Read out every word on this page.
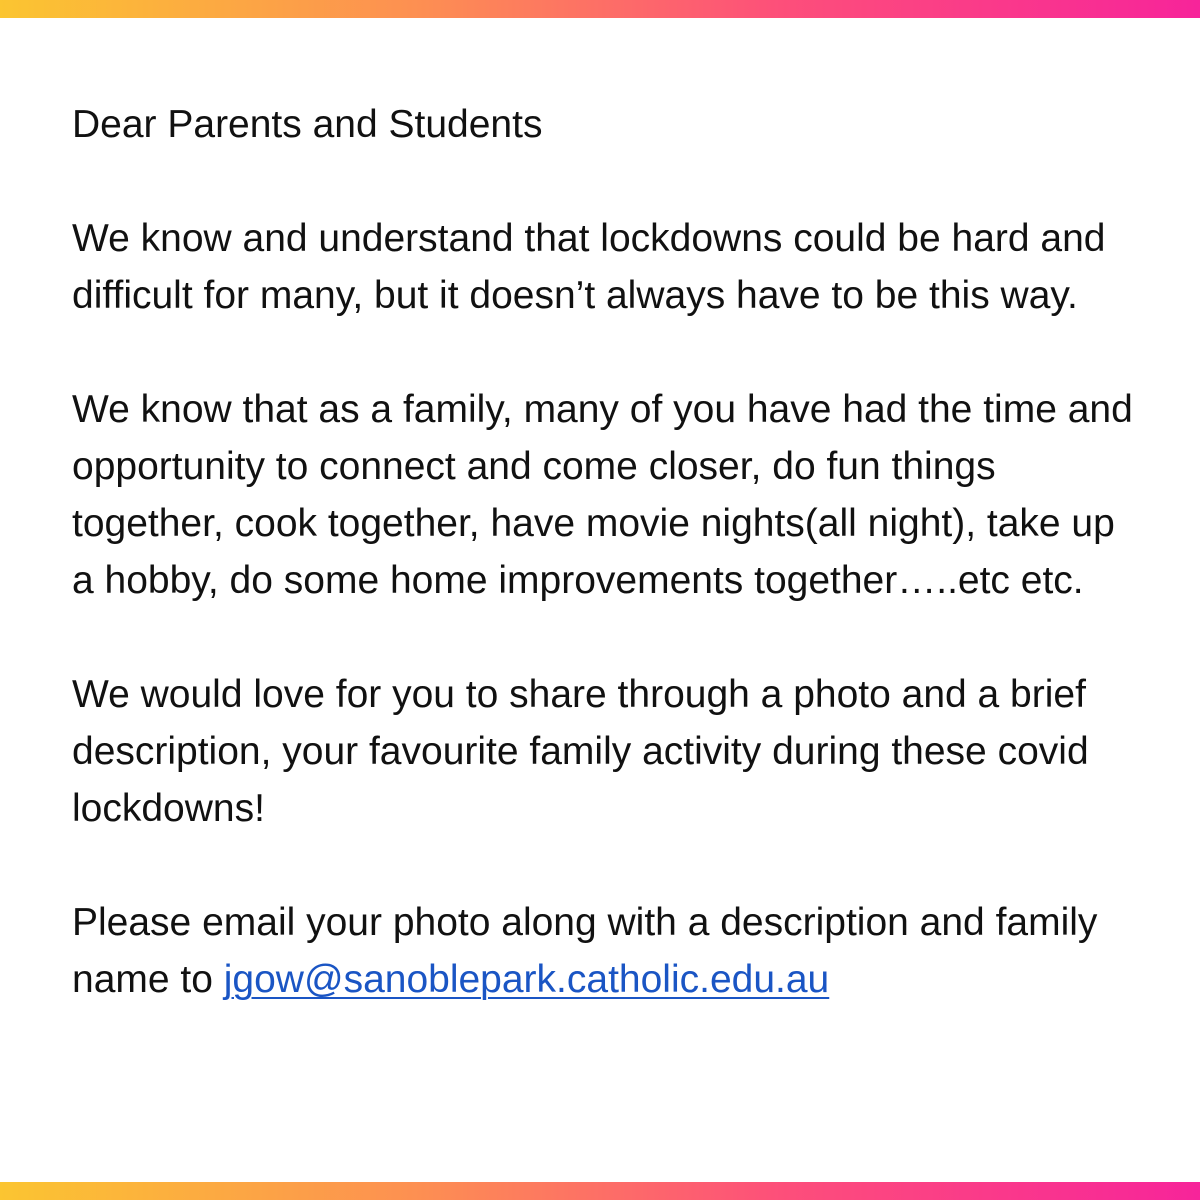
Dear Parents and Students

We know and understand that lockdowns could be hard and difficult for many, but it doesn’t always have to be this way.

We know that as a family, many of you have had the time and opportunity to connect and come closer, do fun things together, cook together, have movie nights(all night), take up a hobby, do some home improvements together…..etc etc.

We would love for you to share through a photo and a brief description, your favourite family activity during these covid lockdowns!

Please email your photo along with a description and family name to jgow@sanoblepark.catholic.edu.au
